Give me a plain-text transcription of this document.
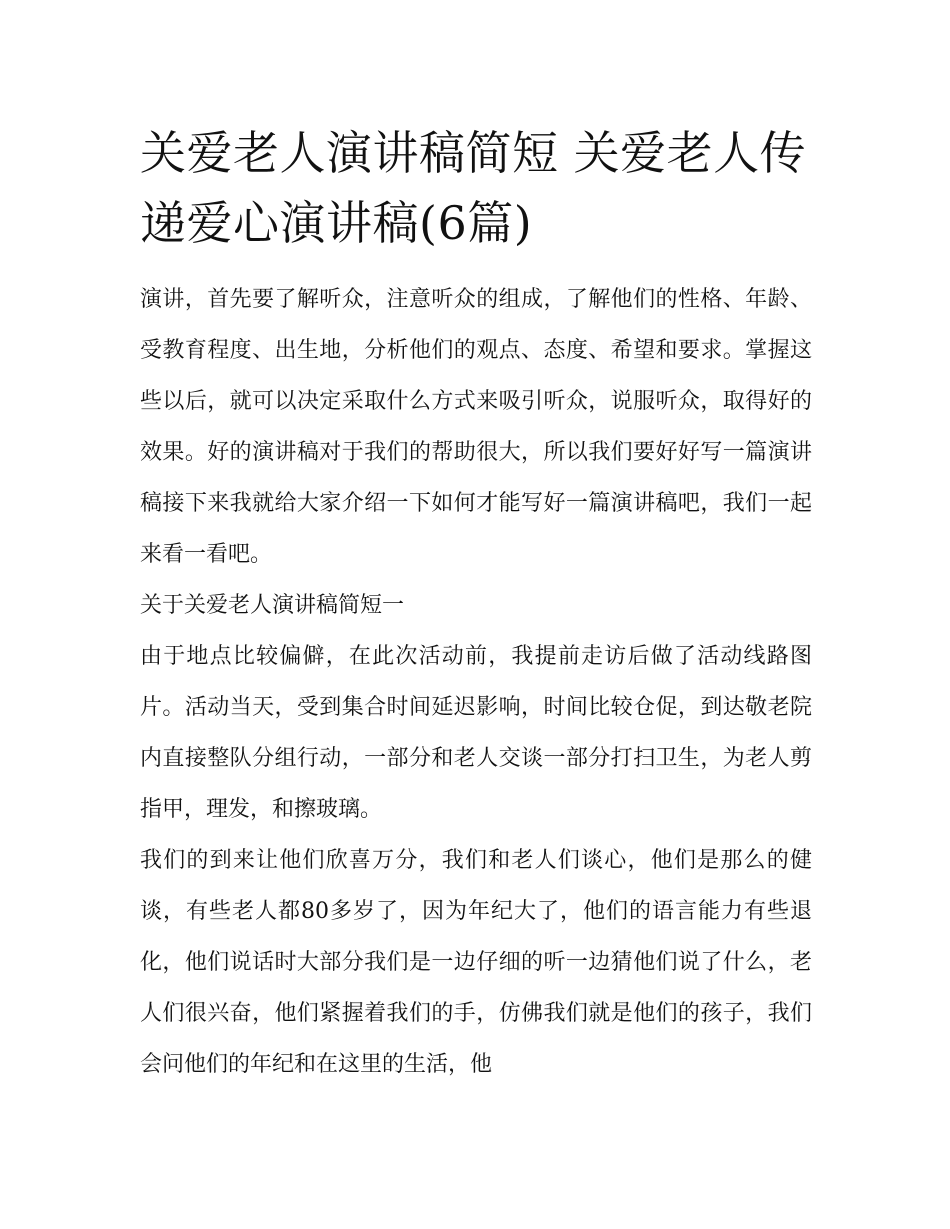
关爱老人演讲稿简短 关爱老人传递爱心演讲稿(6篇)

演讲，首先要了解听众，注意听众的组成，了解他们的性格、年龄、受教育程度、出生地，分析他们的观点、态度、希望和要求。掌握这些以后，就可以决定采取什么方式来吸引听众，说服听众，取得好的效果。好的演讲稿对于我们的帮助很大，所以我们要好好写一篇演讲稿接下来我就给大家介绍一下如何才能写好一篇演讲稿吧，我们一起来看一看吧。

关于关爱老人演讲稿简短一

由于地点比较偏僻，在此次活动前，我提前走访后做了活动线路图片。活动当天，受到集合时间延迟影响，时间比较仓促，到达敬老院内直接整队分组行动，一部分和老人交谈一部分打扫卫生，为老人剪指甲，理发，和擦玻璃。

我们的到来让他们欣喜万分，我们和老人们谈心，他们是那么的健谈，有些老人都80多岁了，因为年纪大了，他们的语言能力有些退化，他们说话时大部分我们是一边仔细的听一边猜他们说了什么，老人们很兴奋，他们紧握着我们的手，仿佛我们就是他们的孩子，我们会问他们的年纪和在这里的生活，他
